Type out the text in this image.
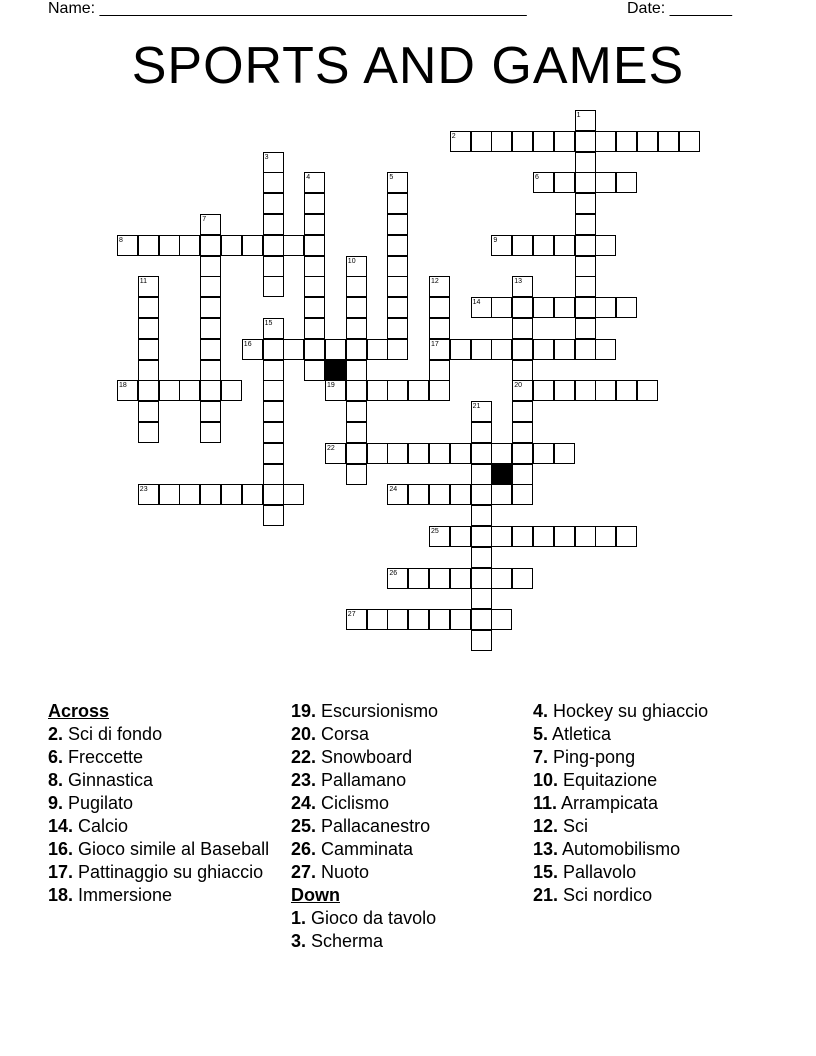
Name: ________________________________________________	Date: _______
SPORTS AND GAMES
1
2
3
4	5	6
7
8	9
10
11	12	13
14
15
16	17
18	19	20
21
22
23	24
25
26
27
Across
2. Sci di fondo
6. Freccette
8. Ginnastica
9. Pugilato
14. Calcio
16. Gioco simile al Baseball
17. Pattinaggio su ghiaccio
18. Immersione
19. Escursionismo
20. Corsa
22. Snowboard
23. Pallamano
24. Ciclismo
25. Pallacanestro
26. Camminata
27. Nuoto
Down
1. Gioco da tavolo
3. Scherma
4. Hockey su ghiaccio
5. Atletica
7. Ping-pong
10. Equitazione
11. Arrampicata
12. Sci
13. Automobilismo
15. Pallavolo
21. Sci nordico
